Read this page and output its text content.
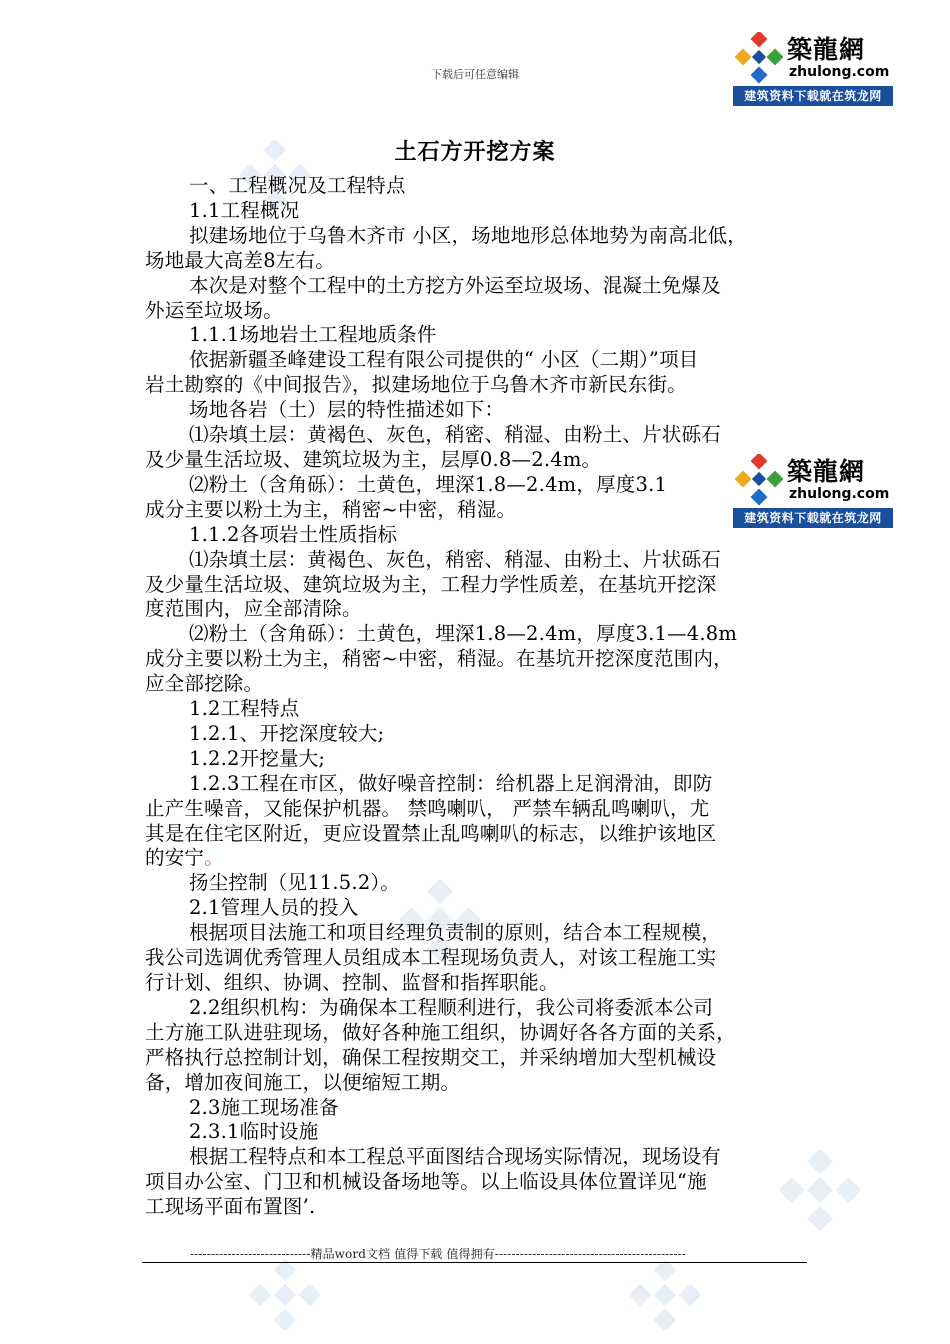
下载后可任意编辑
築龍網
zhulong.com
建筑资料下载就在筑龙网
築龍網
zhulong.com
建筑资料下载就在筑龙网
土石方开挖方案
一、工程概况及工程特点
1.1工程概况
拟建场地位于乌鲁木齐市 小区，场地地形总体地势为南高北低，
场地最大高差8左右。
本次是对整个工程中的土方挖方外运至垃圾场、混凝土免爆及
外运至垃圾场。
1.1.1场地岩土工程地质条件
依据新疆圣峰建设工程有限公司提供的“ 小区（二期）”项目
岩土勘察的《中间报告》，拟建场地位于乌鲁木齐市新民东街。
场地各岩（土）层的特性描述如下：
⑴杂填土层：黄褐色、灰色，稍密、稍湿、由粉土、片状砾石
及少量生活垃圾、建筑垃圾为主，层厚0.8—2.4m。
⑵粉土（含角砾）：土黄色，埋深1.8—2.4m，厚度3.1
成分主要以粉土为主，稍密~中密，稍湿。
1.1.2各项岩土性质指标
⑴杂填土层：黄褐色、灰色，稍密、稍湿、由粉土、片状砾石
及少量生活垃圾、建筑垃圾为主，工程力学性质差，在基坑开挖深
度范围内，应全部清除。
⑵粉土（含角砾）：土黄色，埋深1.8—2.4m，厚度3.1—4.8m
成分主要以粉土为主，稍密~中密，稍湿。在基坑开挖深度范围内，
应全部挖除。
1.2工程特点
1.2.1、开挖深度较大;
1.2.2开挖量大;
1.2.3工程在市区，做好噪音控制：给机器上足润滑油，即防
止产生噪音，又能保护机器。 禁鸣喇叭， 严禁车辆乱鸣喇叭，尤
其是在住宅区附近，更应设置禁止乱鸣喇叭的标志，以维护该地区
的安宁。
扬尘控制（见11.5.2）。
2.1管理人员的投入
根据项目法施工和项目经理负责制的原则，结合本工程规模，
我公司选调优秀管理人员组成本工程现场负责人，对该工程施工实
行计划、组织、协调、控制、监督和指挥职能。
2.2组织机构：为确保本工程顺利进行，我公司将委派本公司
土方施工队进驻现场，做好各种施工组织，协调好各各方面的关系，
严格执行总控制计划，确保工程按期交工，并采纳增加大型机械设
备，增加夜间施工，以便缩短工期。
2.3施工现场准备
2.3.1临时设施
根据工程特点和本工程总平面图结合现场实际情况，现场设有
项目办公室、门卫和机械设备场地等。以上临设具体位置详见“施
工现场平面布置图’.
-----------------------------精品word文档 值得下载 值得拥有----------------------------------------------
